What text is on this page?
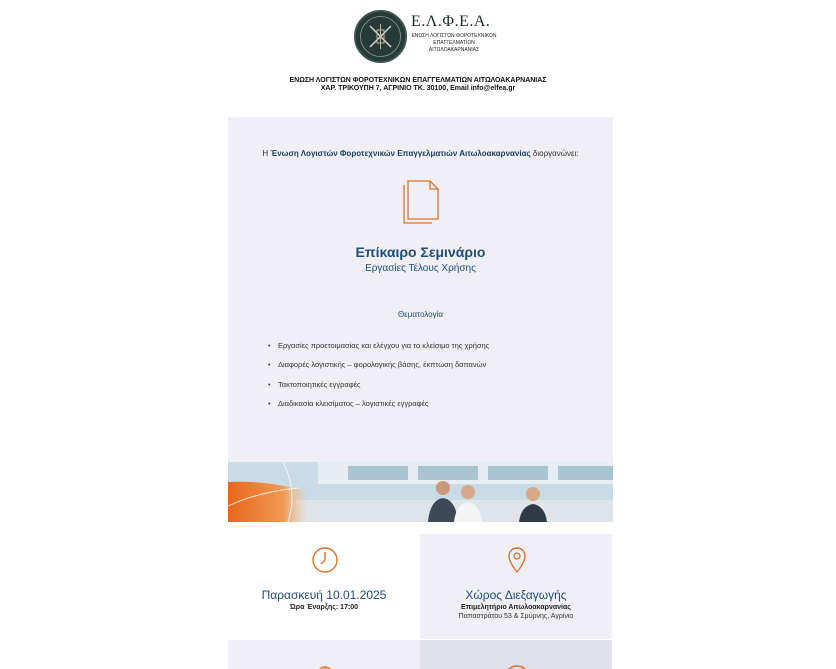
Ε.Λ.Φ.Ε.Α.
ΕΝΩΣΗ ΛΟΓΙΣΤΩΝ ΦΟΡΟΤΕΧΝΙΚΩΝ ΕΠΑΓΓΕΛΜΑΤΙΩΝ ΑΙΤΩΛΟΑΚΑΡΝΑΝΙΑΣ
ΕΝΩΣΗ ΛΟΓΙΣΤΩΝ ΦΟΡΟΤΕΧΝΙΚΩΝ ΕΠΑΓΓΕΛΜΑΤΙΩΝ ΑΙΤΩΛΟΑΚΑΡΝΑΝΙΑΣ
ΧΑΡ. ΤΡΙΚΟΥΠΗ 7, ΑΓΡΙΝΙΟ ΤΚ. 30100, Email info@elfea.gr
Η Ένωση Λογιστών Φοροτεχνικών Επαγγελματιών Αιτωλοακαρνανίας διοργανώνει:
Επίκαιρο Σεμινάριο
Εργασίες Τέλους Χρήσης
Θεματολογία
• Εργασίες προετοιμασίας και ελέγχου για το κλείσιμο της χρήσης
• Διαφορές λογιστικής – φορολογικής βάσης, έκπτωση δαπανών
• Τακτοποιητικές εγγραφές
• Διαδικασία κλεισίματος – λογιστικές εγγραφές
Παρασκευή 10.01.2025
Ώρα Έναρξης: 17:00
Χώρος Διεξαγωγής
Επιμελητήριο Αιτωλοακαρνανίας
Παπαστράτου 53 & Σμύρνης, Αγρίνιο
